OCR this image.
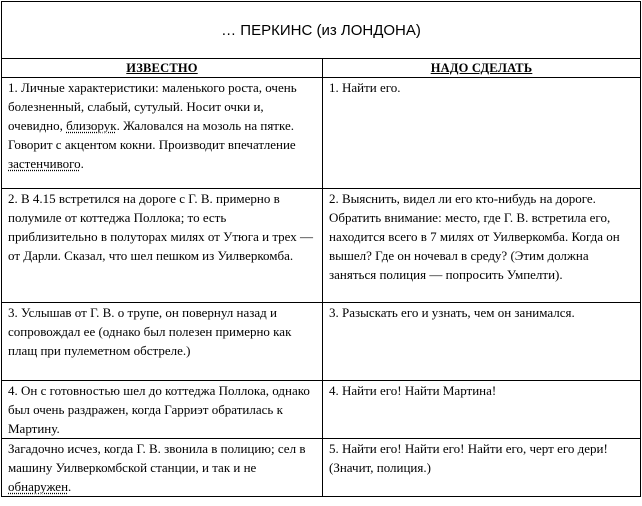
… ПЕРКИНС (из ЛОНДОНА)	
ИЗВЕСТНО	НАДО СДЕЛАТЬ
1. Личные характеристики: маленького роста, очень болезненный, слабый, сутулый. Носит очки и, очевидно, близорук. Жаловался на мозоль на пятке. Говорит с акцентом кокни. Производит впечатление застенчивого.	1. Найти его.
2. В 4.15 встретился на дороге с Г. В. примерно в полумиле от коттеджа Поллока; то есть приблизительно в полуторах милях от Утюга и трех — от Дарли. Сказал, что шел пешком из Уилверкомба.	2. Выяснить, видел ли его кто-нибудь на дороге. Обратить внимание: место, где Г. В. встретила его, находится всего в 7 милях от Уилверкомба. Когда он вышел? Где он ночевал в среду? (Этим должна заняться полиция — попросить Умпелти).
3. Услышав от Г. В. о трупе, он повернул назад и сопровождал ее (однако был полезен примерно как плащ при пулеметном обстреле.)	3. Разыскать его и узнать, чем он занимался.
4. Он с готовностью шел до коттеджа Поллока, однако был очень раздражен, когда Гарриэт обратилась к Мартину.	4. Найти его! Найти Мартина!
Загадочно исчез, когда Г. В. звонила в полицию; сел в машину Уилверкомбской станции, и так и не обнаружен.	5. Найти его! Найти его! Найти его, черт его дери! (Значит, полиция.)
